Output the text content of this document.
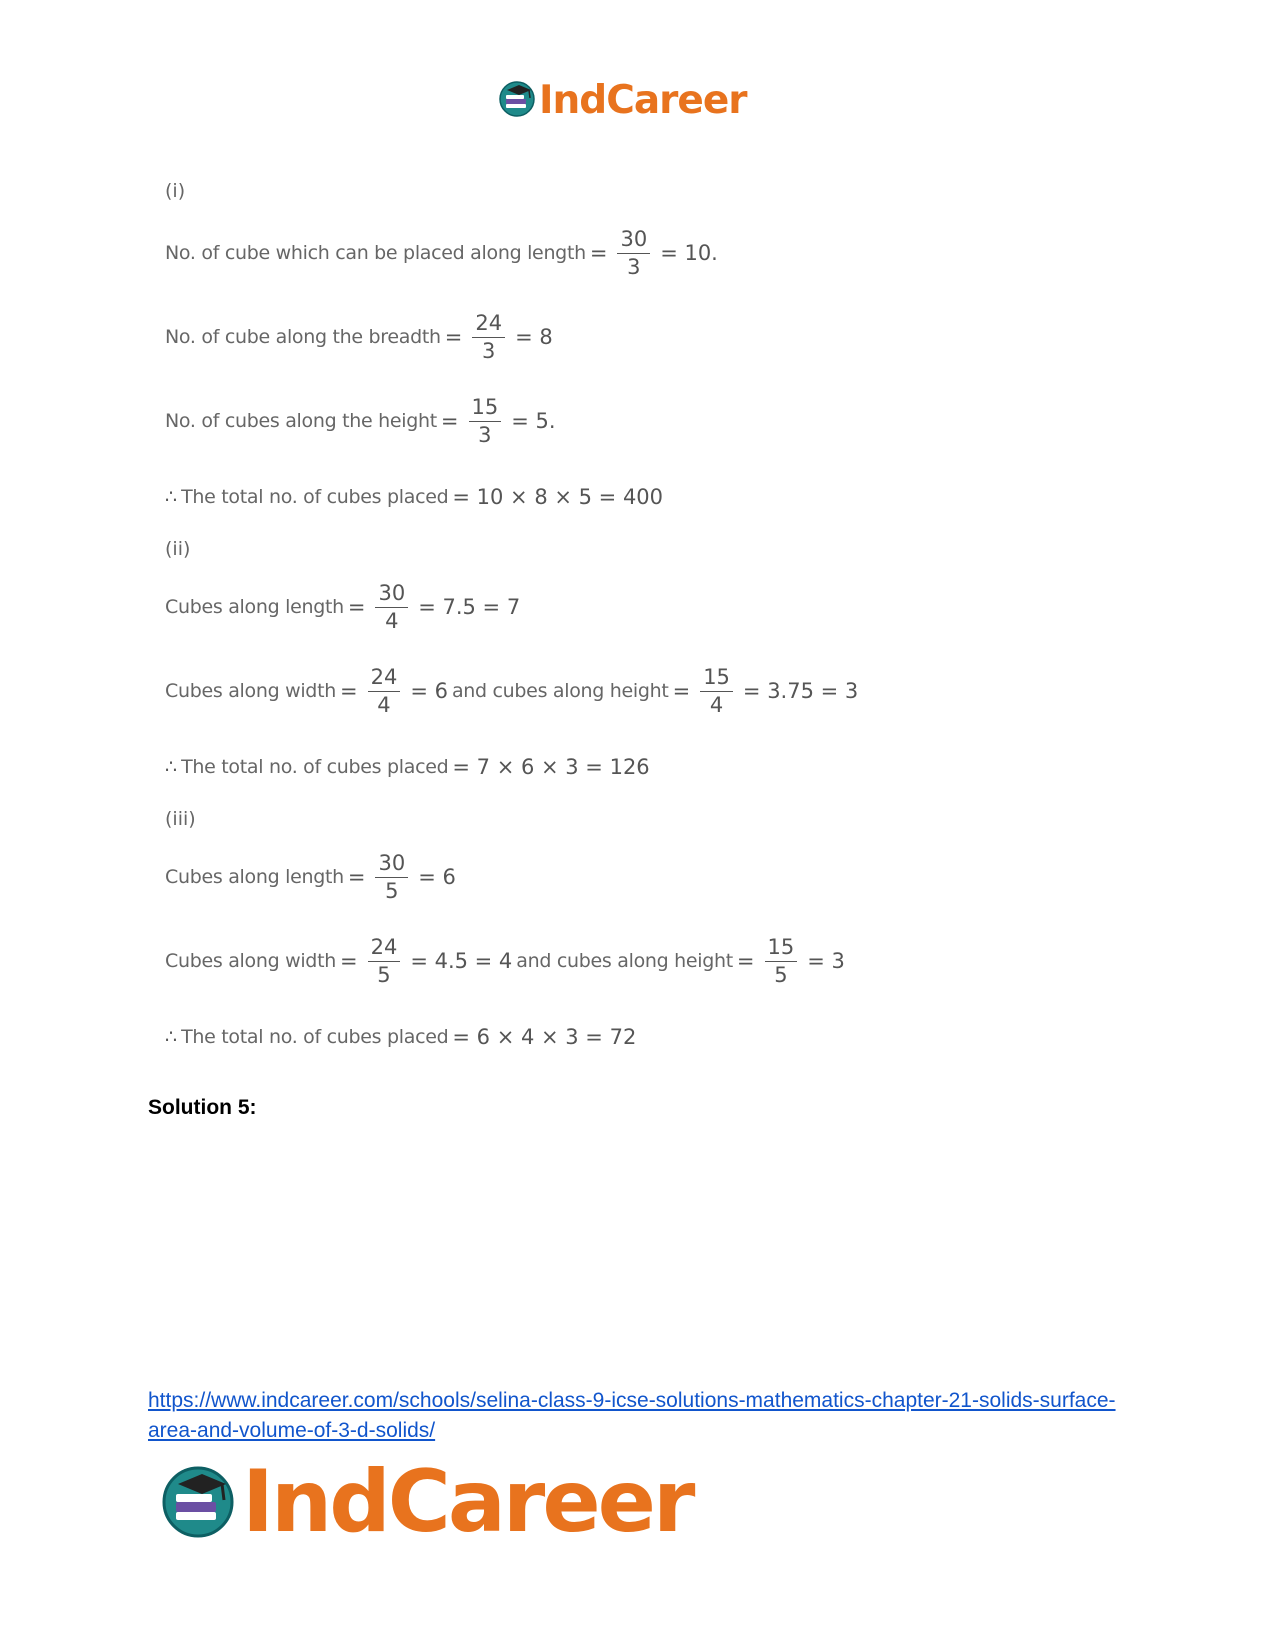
IndCareer
(i)
No. of cube which can be placed along length = $\frac{30}{3} = 10$.
No. of cube along the breadth = $\frac{24}{3} = 8$
No. of cubes along the height = $\frac{15}{3} = 5$.
∴ The total no. of cubes placed = 10 × 8 × 5 = 400
(ii)
Cubes along length = $\frac{30}{4} = 7.5 = 7$
Cubes along width = $\frac{24}{4} = 6$ and cubes along height = $\frac{15}{4} = 3.75 = 3$
∴ The total no. of cubes placed = 7 × 6 × 3 = 126
(iii)
Cubes along length = $\frac{30}{5} = 6$
Cubes along width = $\frac{24}{5} = 4.5 = 4$ and cubes along height = $\frac{15}{5} = 3$
∴ The total no. of cubes placed = 6 × 4 × 3 = 72
Solution 5:
https://www.indcareer.com/schools/selina-class-9-icse-solutions-mathematics-chapter-21-solids-surface-area-and-volume-of-3-d-solids/
IndCareer
